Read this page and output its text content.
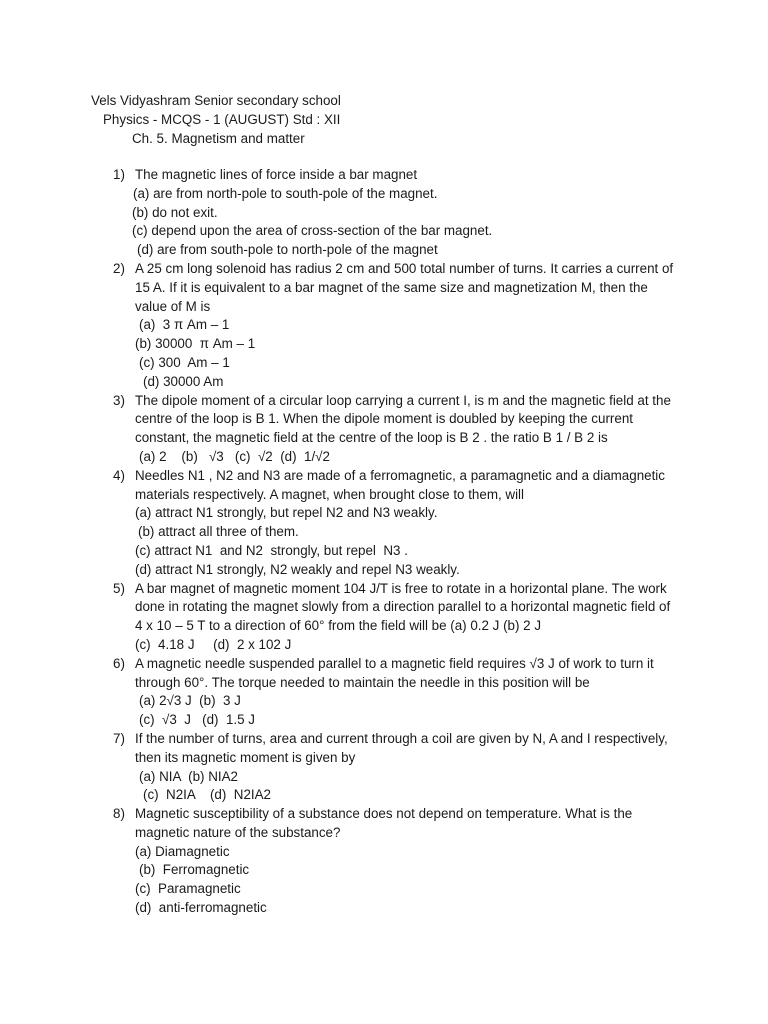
Vels Vidyashram Senior secondary school
Physics - MCQS - 1 (AUGUST) Std : XII
Ch. 5. Magnetism and matter
1) The magnetic lines of force inside a bar magnet
(a) are from north-pole to south-pole of the magnet.
(b) do not exit.
(c) depend upon the area of cross-section of the bar magnet.
(d) are from south-pole to north-pole of the magnet
2) A 25 cm long solenoid has radius 2 cm and 500 total number of turns. It carries a current of 15 A. If it is equivalent to a bar magnet of the same size and magnetization M, then the value of M is
(a)  3 π Am – 1
(b) 30000  π Am – 1
(c) 300  Am – 1
(d) 30000 Am
3) The dipole moment of a circular loop carrying a current I, is m and the magnetic field at the centre of the loop is B 1. When the dipole moment is doubled by keeping the current constant, the magnetic field at the centre of the loop is B 2 . the ratio B 1 / B 2 is
(a) 2    (b)   √3   (c)  √2  (d)  1/√2
4) Needles N1 , N2 and N3 are made of a ferromagnetic, a paramagnetic and a diamagnetic materials respectively. A magnet, when brought close to them, will
(a) attract N1 strongly, but repel N2 and N3 weakly.
(b) attract all three of them.
(c) attract N1  and N2  strongly, but repel  N3 .
(d) attract N1 strongly, N2 weakly and repel N3 weakly.
5) A bar magnet of magnetic moment 104 J/T is free to rotate in a horizontal plane. The work done in rotating the magnet slowly from a direction parallel to a horizontal magnetic field of 4 x 10 – 5 T to a direction of 60° from the field will be (a) 0.2 J (b) 2 J
(c)  4.18 J     (d)  2 x 102 J
6) A magnetic needle suspended parallel to a magnetic field requires √3 J of work to turn it through 60°. The torque needed to maintain the needle in this position will be
(a) 2√3 J  (b)  3 J
(c)  √3  J   (d)  1.5 J
7) If the number of turns, area and current through a coil are given by N, A and I respectively, then its magnetic moment is given by
(a) NIA  (b) NIA2
(c)  N2IA    (d)  N2IA2
8) Magnetic susceptibility of a substance does not depend on temperature. What is the magnetic nature of the substance?
(a) Diamagnetic
(b)  Ferromagnetic
(c)  Paramagnetic
(d)  anti-ferromagnetic
